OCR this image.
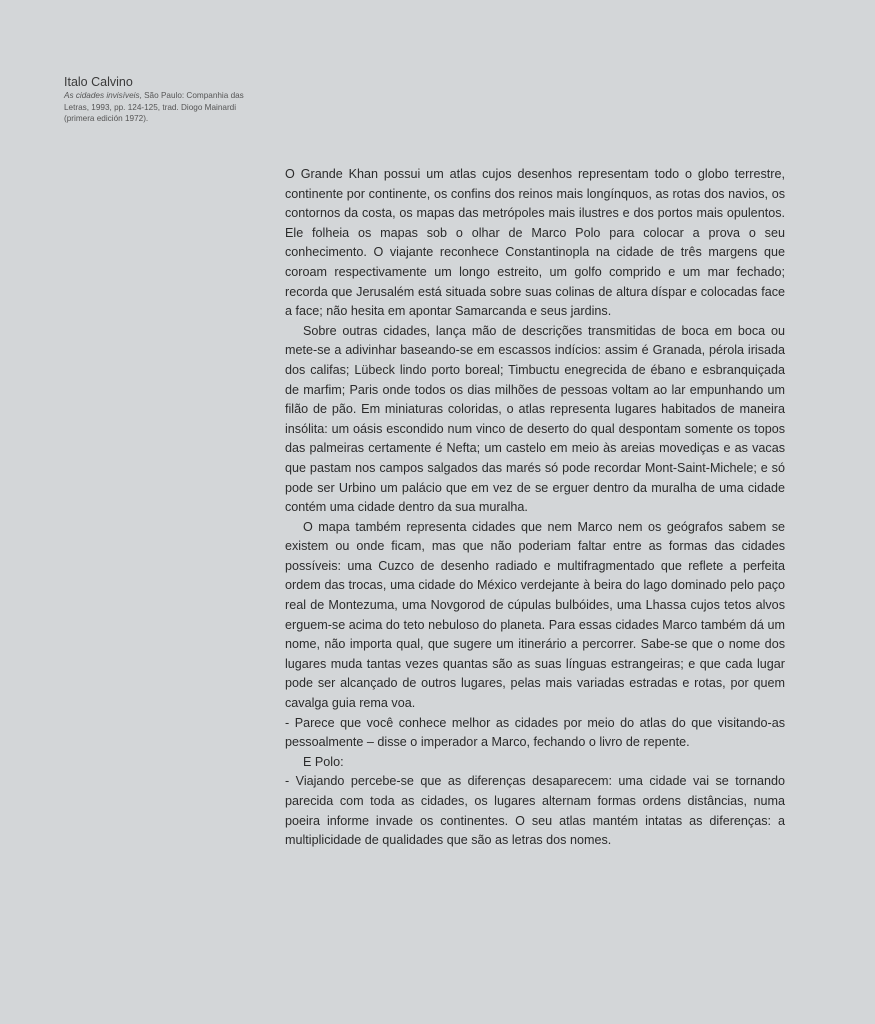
Italo Calvino
As cidades invisíveis, São Paulo: Companhia das Letras, 1993, pp. 124-125, trad. Diogo Mainardi (primera edición 1972).

O Grande Khan possui um atlas cujos desenhos representam todo o globo terrestre, continente por continente, os confins dos reinos mais longínquos, as rotas dos navios, os contornos da costa, os mapas das metrópoles mais ilustres e dos portos mais opulentos. Ele folheia os mapas sob o olhar de Marco Polo para colocar a prova o seu conhecimento. O viajante reconhece Constantinopla na cidade de três margens que coroam respectivamente um longo estreito, um golfo comprido e um mar fechado; recorda que Jerusalém está situada sobre suas colinas de altura díspar e colocadas face a face; não hesita em apontar Samarcanda e seus jardins.

Sobre outras cidades, lança mão de descrições transmitidas de boca em boca ou mete-se a adivinhar baseando-se em escassos indícios: assim é Granada, pérola irisada dos califas; Lübeck lindo porto boreal; Timbuctu enegrecida de ébano e esbranquiçada de marfim; Paris onde todos os dias milhões de pessoas voltam ao lar empunhando um filão de pão. Em miniaturas coloridas, o atlas representa lugares habitados de maneira insólita: um oásis escondido num vinco de deserto do qual despontam somente os topos das palmeiras certamente é Nefta; um castelo em meio às areias movediças e as vacas que pastam nos campos salgados das marés só pode recordar Mont-Saint-Michele; e só pode ser Urbino um palácio que em vez de se erguer dentro da muralha de uma cidade contém uma cidade dentro da sua muralha.

O mapa também representa cidades que nem Marco nem os geógrafos sabem se existem ou onde ficam, mas que não poderiam faltar entre as formas das cidades possíveis: uma Cuzco de desenho radiado e multifragmentado que reflete a perfeita ordem das trocas, uma cidade do México verdejante à beira do lago dominado pelo paço real de Montezuma, uma Novgorod de cúpulas bulbóides, uma Lhassa cujos tetos alvos erguem-se acima do teto nebuloso do planeta. Para essas cidades Marco também dá um nome, não importa qual, que sugere um itinerário a percorrer. Sabe-se que o nome dos lugares muda tantas vezes quantas são as suas línguas estrangeiras; e que cada lugar pode ser alcançado de outros lugares, pelas mais variadas estradas e rotas, por quem cavalga guia rema voa.

- Parece que você conhece melhor as cidades por meio do atlas do que visitando-as pessoalmente – disse o imperador a Marco, fechando o livro de repente.

E Polo:

- Viajando percebe-se que as diferenças desaparecem: uma cidade vai se tornando parecida com toda as cidades, os lugares alternam formas ordens distâncias, numa poeira informe invade os continentes. O seu atlas mantém intatas as diferenças: a multiplicidade de qualidades que são as letras dos nomes.
